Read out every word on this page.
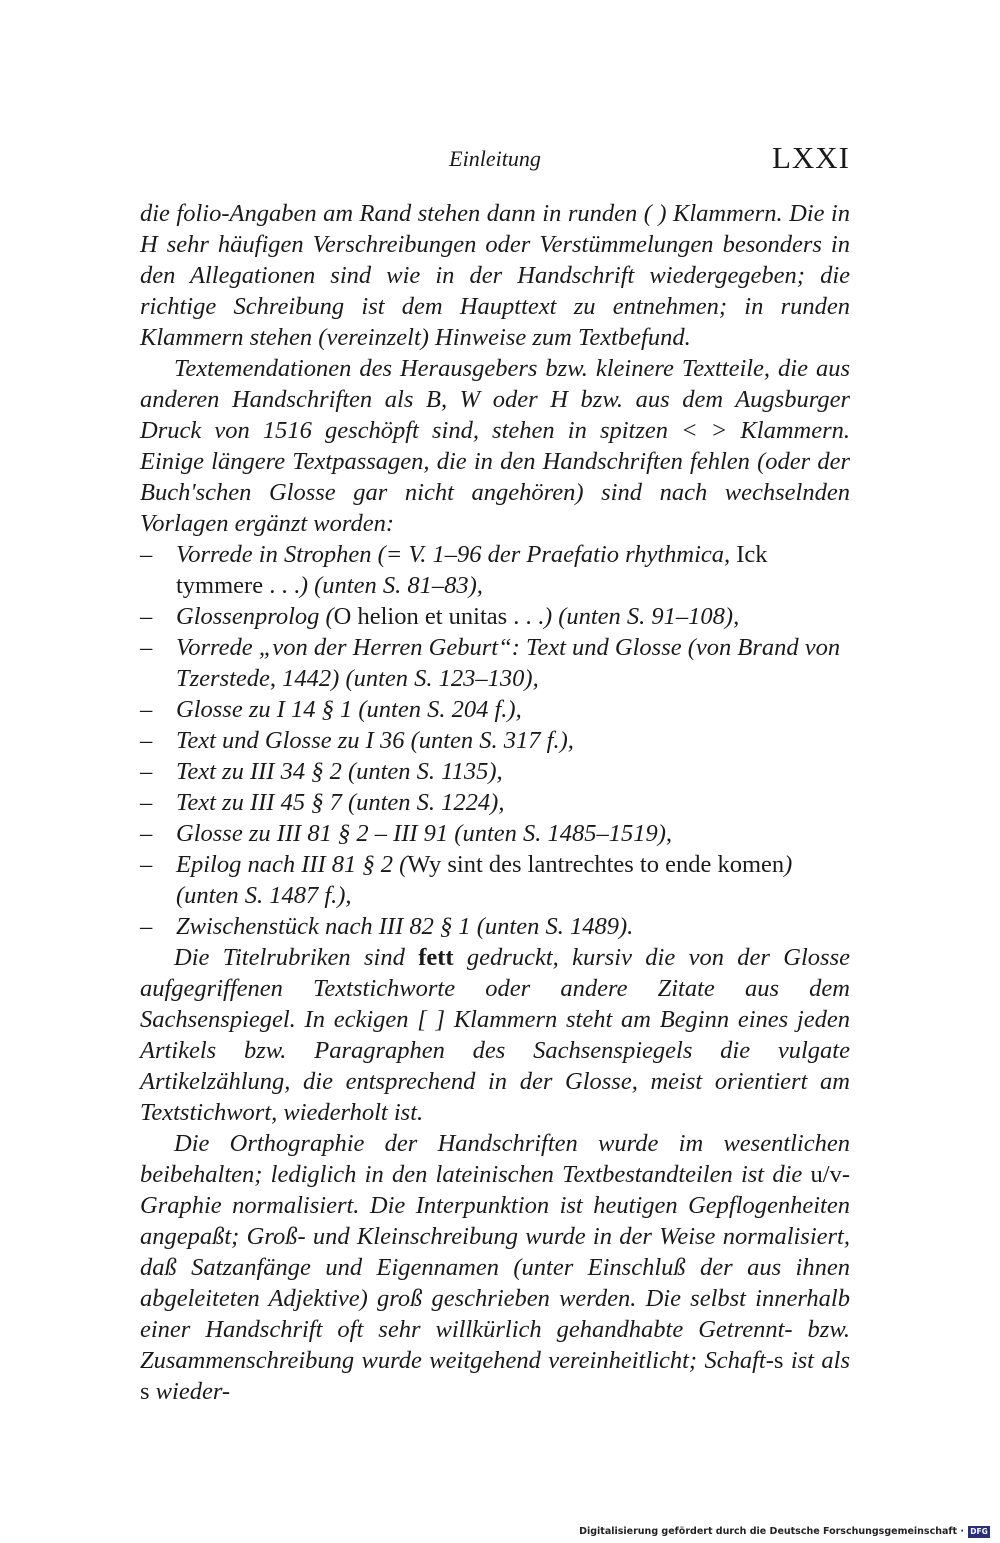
Einleitung	LXXI

die folio-Angaben am Rand stehen dann in runden ( ) Klammern. Die in H sehr häufigen Verschreibungen oder Verstümmelungen besonders in den Allegationen sind wie in der Handschrift wiedergegeben; die richtige Schreibung ist dem Haupttext zu entnehmen; in runden Klammern stehen (vereinzelt) Hinweise zum Textbefund.

Textemendationen des Herausgebers bzw. kleinere Textteile, die aus anderen Handschriften als B, W oder H bzw. aus dem Augsburger Druck von 1516 geschöpft sind, stehen in spitzen < > Klammern. Einige längere Textpassagen, die in den Handschriften fehlen (oder der Buch'schen Glosse gar nicht angehören) sind nach wechselnden Vorlagen ergänzt worden:

– Vorrede in Strophen (= V. 1–96 der Praefatio rhythmica, Ick tymmere . . .) (unten S. 81–83),
– Glossenprolog (O helion et unitas . . .) (unten S. 91–108),
– Vorrede „von der Herren Geburt“: Text und Glosse (von Brand von Tzerstede, 1442) (unten S. 123–130),
– Glosse zu I 14 § 1 (unten S. 204 f.),
– Text und Glosse zu I 36 (unten S. 317 f.),
– Text zu III 34 § 2 (unten S. 1135),
– Text zu III 45 § 7 (unten S. 1224),
– Glosse zu III 81 § 2 – III 91 (unten S. 1485–1519),
– Epilog nach III 81 § 2 (Wy sint des lantrechtes to ende komen) (unten S. 1487 f.),
– Zwischenstück nach III 82 § 1 (unten S. 1489).

Die Titelrubriken sind fett gedruckt, kursiv die von der Glosse aufgegriffenen Textstichworte oder andere Zitate aus dem Sachsenspiegel. In eckigen [ ] Klammern steht am Beginn eines jeden Artikels bzw. Paragraphen des Sachsenspiegels die vulgate Artikelzählung, die entsprechend in der Glosse, meist orientiert am Textstichwort, wiederholt ist.

Die Orthographie der Handschriften wurde im wesentlichen beibehalten; lediglich in den lateinischen Textbestandteilen ist die u/v-Graphie normalisiert. Die Interpunktion ist heutigen Gepflogenheiten angepaßt; Groß- und Kleinschreibung wurde in der Weise normalisiert, daß Satzanfänge und Eigennamen (unter Einschluß der aus ihnen abgeleiteten Adjektive) groß geschrieben werden. Die selbst innerhalb einer Handschrift oft sehr willkürlich gehandhabte Getrennt- bzw. Zusammenschreibung wurde weitgehend vereinheitlicht; Schaft-s ist als s wieder-

Digitalisierung gefördert durch die Deutsche Forschungsgemeinschaft · DFG
